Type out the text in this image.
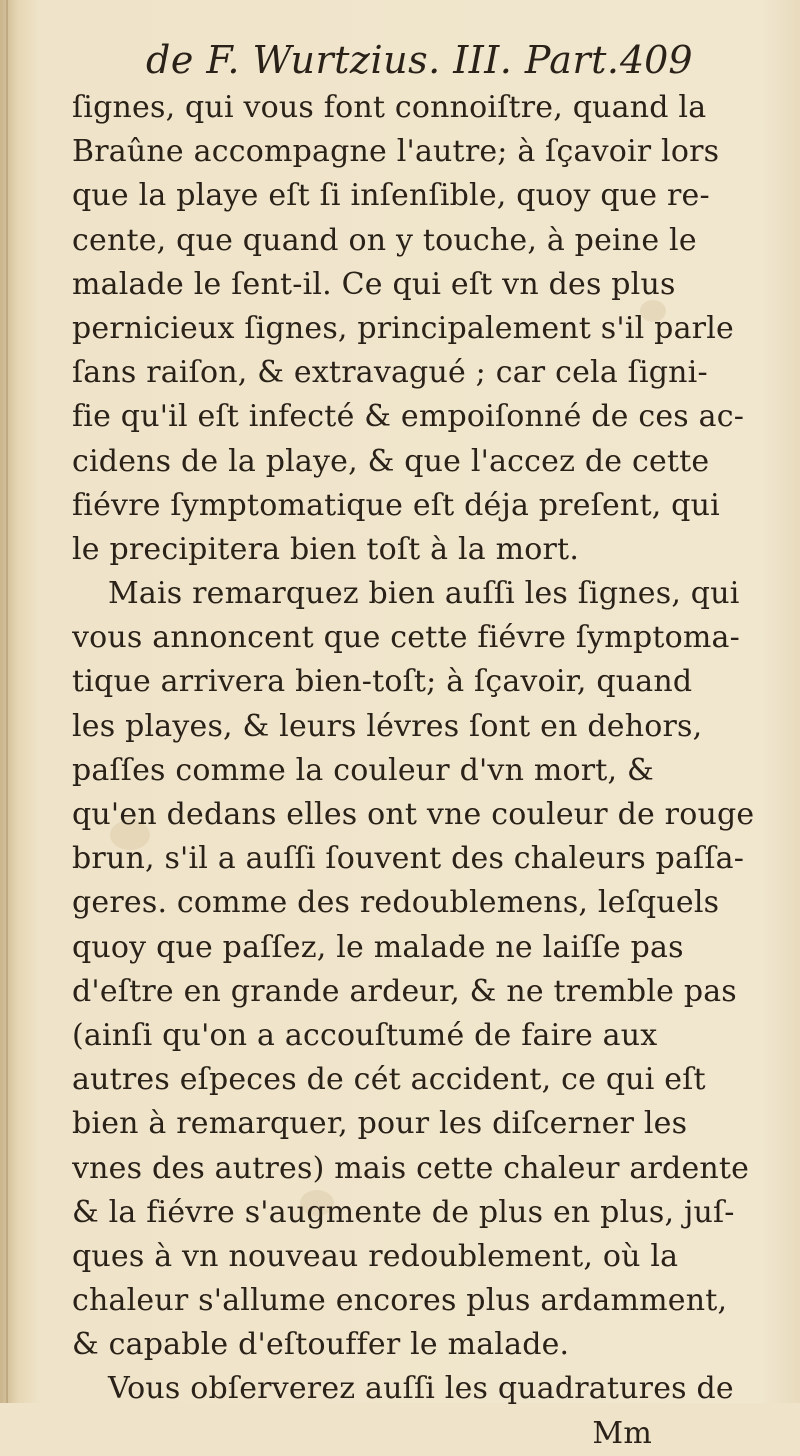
de F. Wurtzius. III. Part. 409
ſignes, qui vous font connoiſtre, quand la
Braûne accompagne l'autre; à ſçavoir lors
que la playe eſt ſi inſenſible, quoy que re-
cente, que quand on y touche, à peine le
malade le ſent-il. Ce qui eſt vn des plus
pernicieux ſignes, principalement s'il parle
ſans raiſon, & extravagué ; car cela ſigni-
fie qu'il eſt infecté & empoiſonné de ces ac-
cidens de la playe, & que l'accez de cette
fiévre ſymptomatique eſt déja preſent, qui
le precipitera bien toſt à la mort.
Mais remarquez bien auſſi les ſignes, qui
vous annoncent que cette fiévre ſymptoma-
tique arrivera bien-toſt; à ſçavoir, quand
les playes, & leurs lévres ſont en dehors,
paſſes comme la couleur d'vn mort, &
qu'en dedans elles ont vne couleur de rouge
brun, s'il a auſſi ſouvent des chaleurs paſſa-
geres. comme des redoublemens, leſquels
quoy que paſſez, le malade ne laiſſe pas
d'eſtre en grande ardeur, & ne tremble pas
(ainſi qu'on a accouſtumé de faire aux
autres eſpeces de cét accident, ce qui eſt
bien à remarquer, pour les diſcerner les
vnes des autres) mais cette chaleur ardente
& la fiévre s'augmente de plus en plus, juſ-
ques à vn nouveau redoublement, où la
chaleur s'allume encores plus ardamment,
& capable d'eſtouffer le malade.
Vous obſerverez auſſi les quadratures de
Mm
